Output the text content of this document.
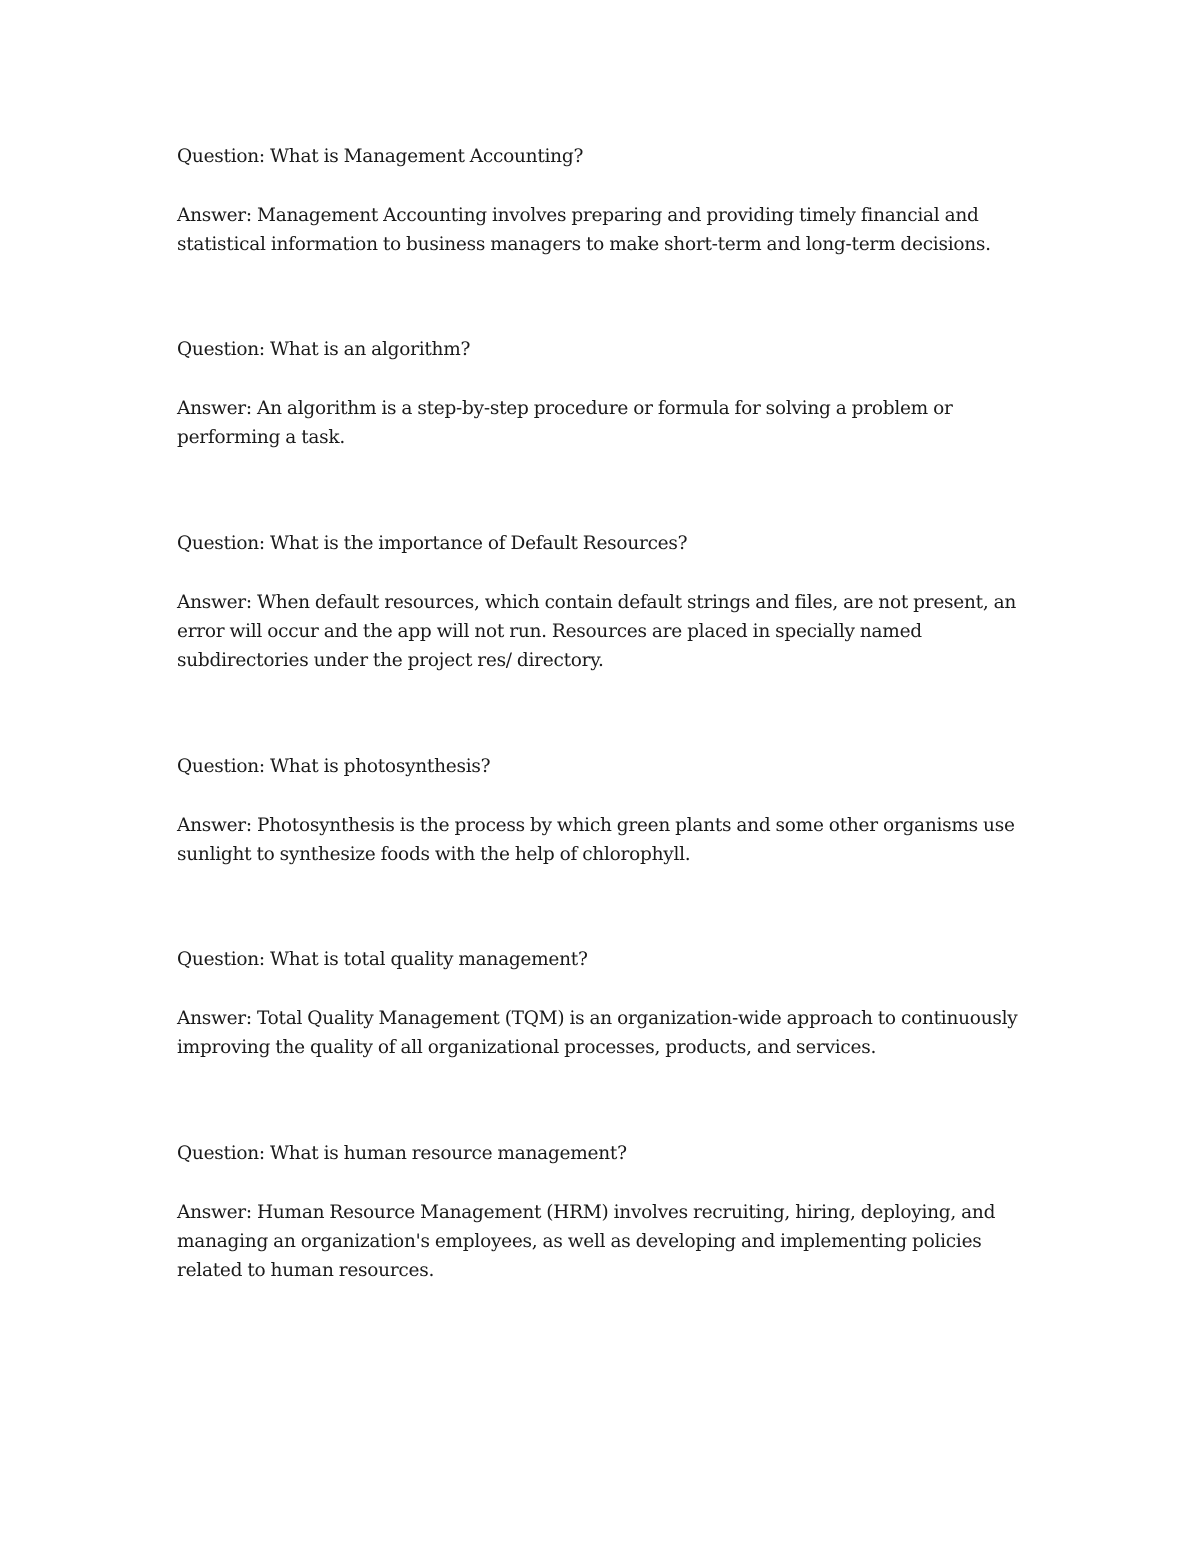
Question: What is Management Accounting?

Answer: Management Accounting involves preparing and providing timely financial and statistical information to business managers to make short-term and long-term decisions.

Question: What is an algorithm?

Answer: An algorithm is a step-by-step procedure or formula for solving a problem or performing a task.

Question: What is the importance of Default Resources?

Answer: When default resources, which contain default strings and files, are not present, an error will occur and the app will not run. Resources are placed in specially named subdirectories under the project res/ directory.

Question: What is photosynthesis?

Answer: Photosynthesis is the process by which green plants and some other organisms use sunlight to synthesize foods with the help of chlorophyll.

Question: What is total quality management?

Answer: Total Quality Management (TQM) is an organization-wide approach to continuously improving the quality of all organizational processes, products, and services.

Question: What is human resource management?

Answer: Human Resource Management (HRM) involves recruiting, hiring, deploying, and managing an organization's employees, as well as developing and implementing policies related to human resources.
